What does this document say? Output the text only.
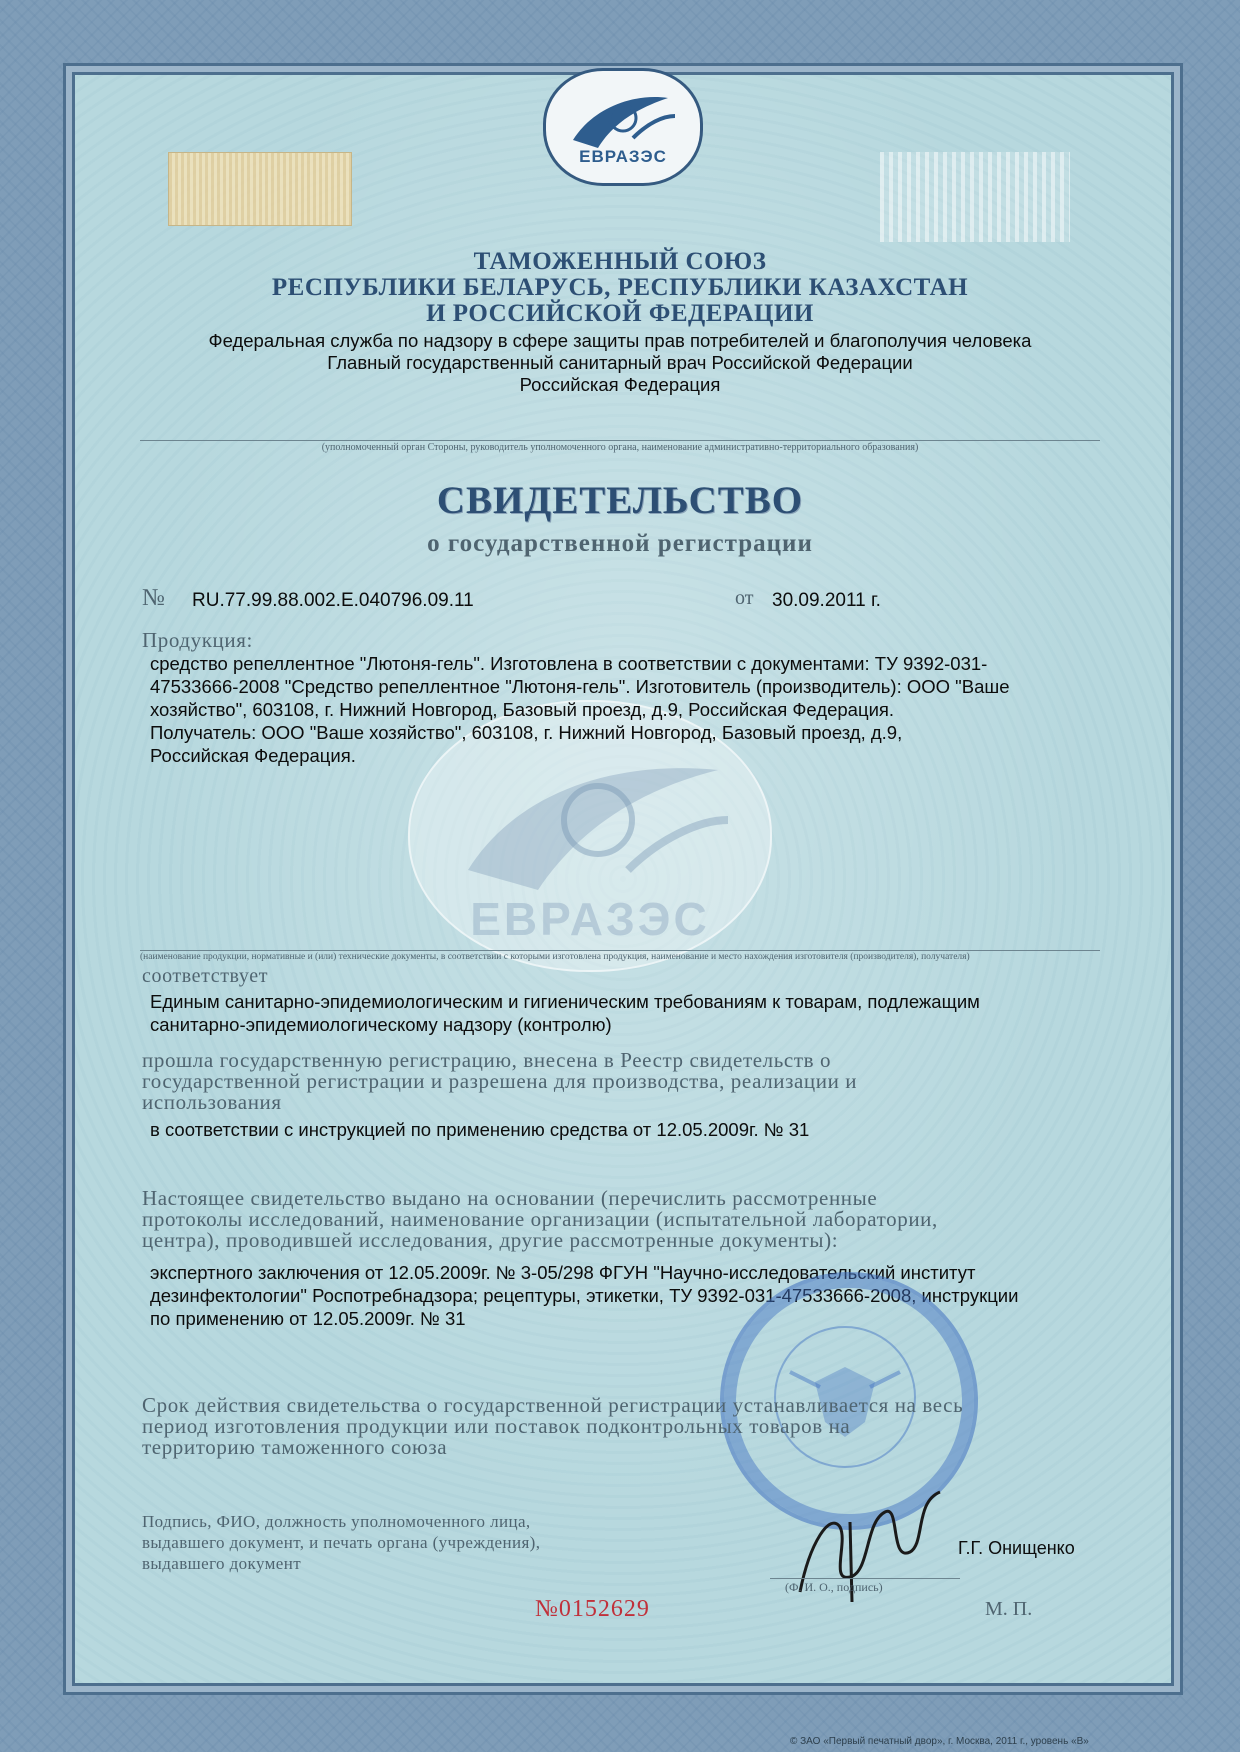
ЕВРАЗЭС
ТАМОЖЕННЫЙ СОЮЗ
РЕСПУБЛИКИ БЕЛАРУСЬ, РЕСПУБЛИКИ КАЗАХСТАН
И РОССИЙСКОЙ ФЕДЕРАЦИИ
Федеральная служба по надзору в сфере защиты прав потребителей и благополучия человека
Главный государственный санитарный врач Российской Федерации
Российская Федерация
(уполномоченный орган Стороны, руководитель уполномоченного органа, наименование административно-территориального образования)
СВИДЕТЕЛЬСТВО
о государственной регистрации
№ RU.77.99.88.002.Е.040796.09.11	от 30.09.2011 г.
ЕВРАЗЭС
Продукция:
средство репеллентное "Лютоня-гель". Изготовлена в соответствии с документами: ТУ 9392-031-
47533666-2008 "Средство репеллентное "Лютоня-гель". Изготовитель (производитель): ООО "Ваше
хозяйство", 603108, г. Нижний Новгород, Базовый проезд, д.9, Российская Федерация.
Получатель: ООО "Ваше хозяйство", 603108, г. Нижний Новгород, Базовый проезд, д.9,
Российская Федерация.
(наименование продукции, нормативные и (или) технические документы, в соответствии с которыми изготовлена продукция, наименование и место нахождения изготовителя (производителя), получателя)
соответствует
Единым санитарно-эпидемиологическим и гигиеническим требованиям к товарам, подлежащим
санитарно-эпидемиологическому надзору (контролю)
прошла государственную регистрацию, внесена в Реестр свидетельств о
государственной регистрации и разрешена для производства, реализации и
использования
в соответствии с инструкцией по применению средства от 12.05.2009г. № 31
Настоящее свидетельство выдано на основании (перечислить рассмотренные
протоколы исследований, наименование организации (испытательной лаборатории,
центра), проводившей исследования, другие рассмотренные документы):
экспертного заключения от 12.05.2009г. № 3-05/298 ФГУН "Научно-исследовательский институт
дезинфектологии" Роспотребнадзора; рецептуры, этикетки, ТУ 9392-031-47533666-2008, инструкции
по применению от 12.05.2009г. № 31
Срок действия свидетельства о государственной регистрации устанавливается на весь
период изготовления продукции или поставок подконтрольных товаров на
территорию таможенного союза
Подпись, ФИО, должность уполномоченного лица,
выдавшего документ, и печать органа (учреждения),
выдавшего документ
Г.Г. Онищенко
(Ф. И. О., подпись)
№0152629	М. П.
© ЗАО «Первый печатный двор», г. Москва, 2011 г., уровень «В»
